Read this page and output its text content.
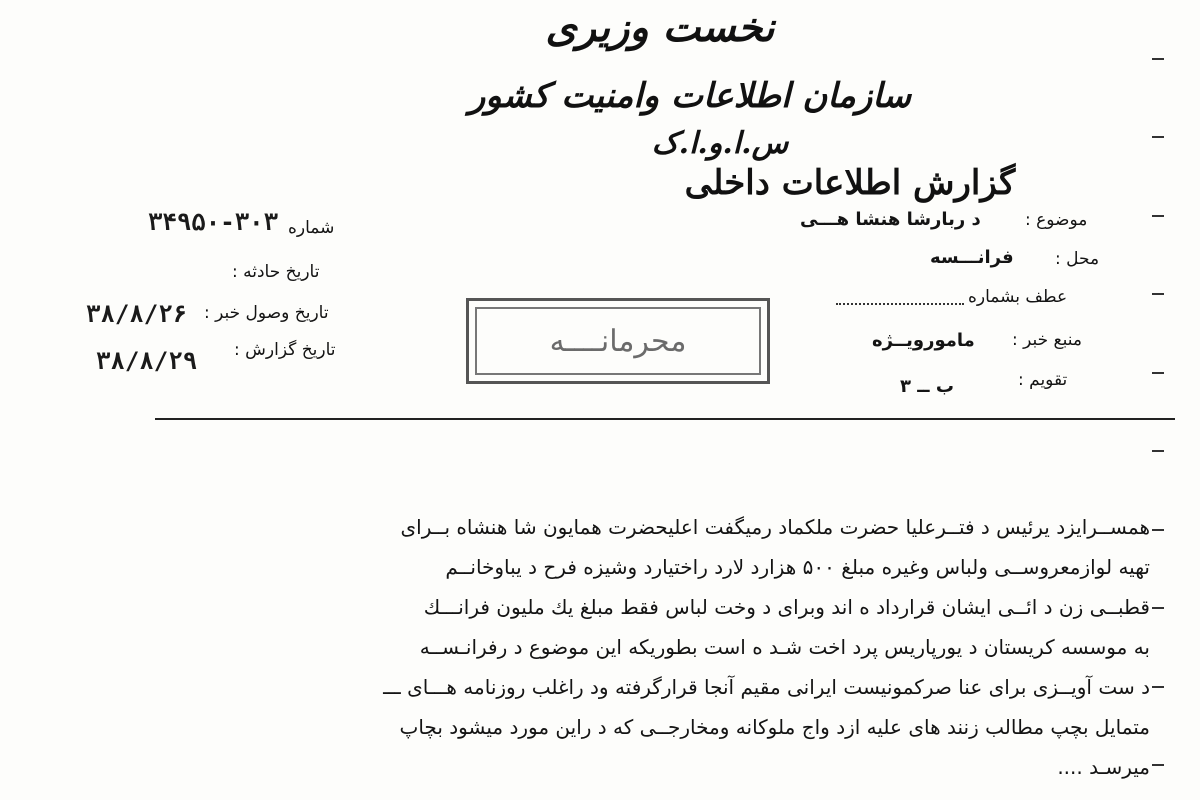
نخست وزیری
سازمان اطلاعات وامنیت کشور
س.ا.و.ا.ک
گزارش اطلاعات داخلی
شماره
۳۴۹۵۰-۳۰۳
تاریخ حادثه :
تاریخ وصول خبر :
۳۸/۸/۲۶
تاریخ گزارش :
۳۸/۸/۲۹
موضوع :
د ربارشا هنشا هـــی
محل :
فرانـــسه
عطف بشماره
منبع خبر :
مامورویــژه
تقویم :
ب ــ ۳
محرمانــــه
همســرایزد یرئیس د فتــرعلیا حضرت ملکماد رمیگفت اعلیحضرت همایون شا هنشاه بــرای
تهیه لوازمعروســی ولباس وغیره مبلغ ۵۰۰ هزارد لارد راختیارد وشیزه فرح د یباوخانــم
قطبــی زن د ائــی ایشان قرارداد ه اند وبرای د وخت لباس فقط مبلغ یك ملیون فرانـــك
به موسسه کریستان د یورپاریس پرد اخت شـد ه است بطوریکه این موضوع د رفرانـســه
د ست آویــزی برای عنا صرکمونیست ایرانی مقیم آنجا قرارگرفته ود راغلب روزنامه هـــای ـــ
متمایل بچپ مطالب زنند های علیه ازد واج ملوکانه ومخارجــی که د راین مورد میشود بچاپ
میرسـد ....
